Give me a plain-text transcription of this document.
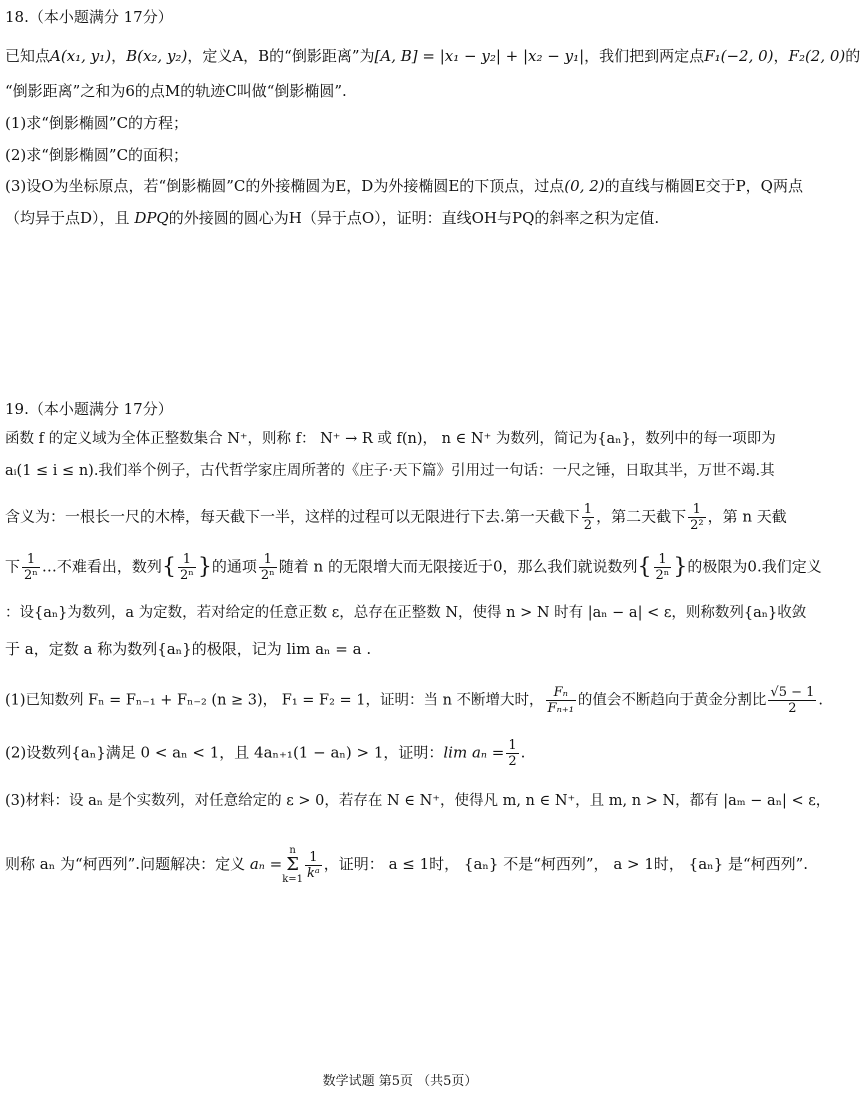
18.（本小题满分 17分）
已知点A(x₁, y₁)，B(x₂, y₂)，定义A，B的“倒影距离”为[A, B] = |x₁ − y₂| + |x₂ − y₁|，我们把到两定点F₁(−2, 0)，F₂(2, 0)的
“倒影距离”之和为6的点M的轨迹C叫做“倒影椭圆”.
(1)求“倒影椭圆”C的方程；
(2)求“倒影椭圆”C的面积；
(3)设O为坐标原点，若“倒影椭圆”C的外接椭圆为E，D为外接椭圆E的下顶点，过点(0, 2)的直线与椭圆E交于P，Q两点
（均异于点D），且 DPQ的外接圆的圆心为H（异于点O），证明：直线OH与PQ的斜率之积为定值.
19.（本小题满分 17分）
函数 f 的定义域为全体正整数集合 N⁺，则称 f： N⁺ → R 或 f(n)， n ∈ N⁺ 为数列，简记为{aₙ}，数列中的每一项即为
aᵢ(1 ≤ i ≤ n).我们举个例子，古代哲学家庄周所著的《庄子·天下篇》引用过一句话：一尺之锤，日取其半，万世不竭.其
含义为：一根长一尺的木棒，每天截下一半，这样的过程可以无限进行下去.第一天截下 $\frac{1}{2}$ ，第二天截下 $\frac{1}{\text{2²}}$ ，第 n 天截
下 $\frac{1}{\text{2ⁿ}}$ …不难看出，数列{ $\frac{1}{\text{2ⁿ}}$ }的通项 $\frac{1}{\text{2ⁿ}}$ 随着 n 的无限增大而无限接近于0，那么我们就说数列{ $\frac{1}{\text{2ⁿ}}$ }的极限为0.我们定义
：设{aₙ}为数列，a 为定数，若对给定的任意正数 ε，总存在正整数 N，使得 n > N 时有 |aₙ − a| < ε，则称数列{aₙ}收敛
于 a，定数 a 称为数列{aₙ}的极限，记为 lim aₙ = a .
(1)已知数列 Fₙ = Fₙ₋₁ + Fₙ₋₂ (n ≥ 3)， F₁ = F₂ = 1，证明：当 n 不断增大时， $\frac{\text{Fₙ}}{\text{Fₙ₊₁}}$ 的值会不断趋向于黄金分割比 $\frac{√5 - 1}{2}$ .
(2)设数列{aₙ}满足 0 < aₙ < 1，且 4aₙ₊₁(1 − aₙ) > 1，证明：$\lim a_n = \frac{1}{2}$ .
(3)材料：设 aₙ 是个实数列，对任意给定的 ε > 0，若存在 N ∈ N⁺，使得凡 m, n ∈ N⁺，且 m, n > N，都有 |aₘ − aₙ| < ε，
则称 aₙ 为“柯西列”.问题解决：定义 aₙ =n
Σ
$k=1 \frac{1}{\text{kᵃ}}$ ，证明： a ≤ 1时， {aₙ} 不是“柯西列”， a > 1时， {aₙ} 是“柯西列”.
数学试题 第5页 （共5页）
